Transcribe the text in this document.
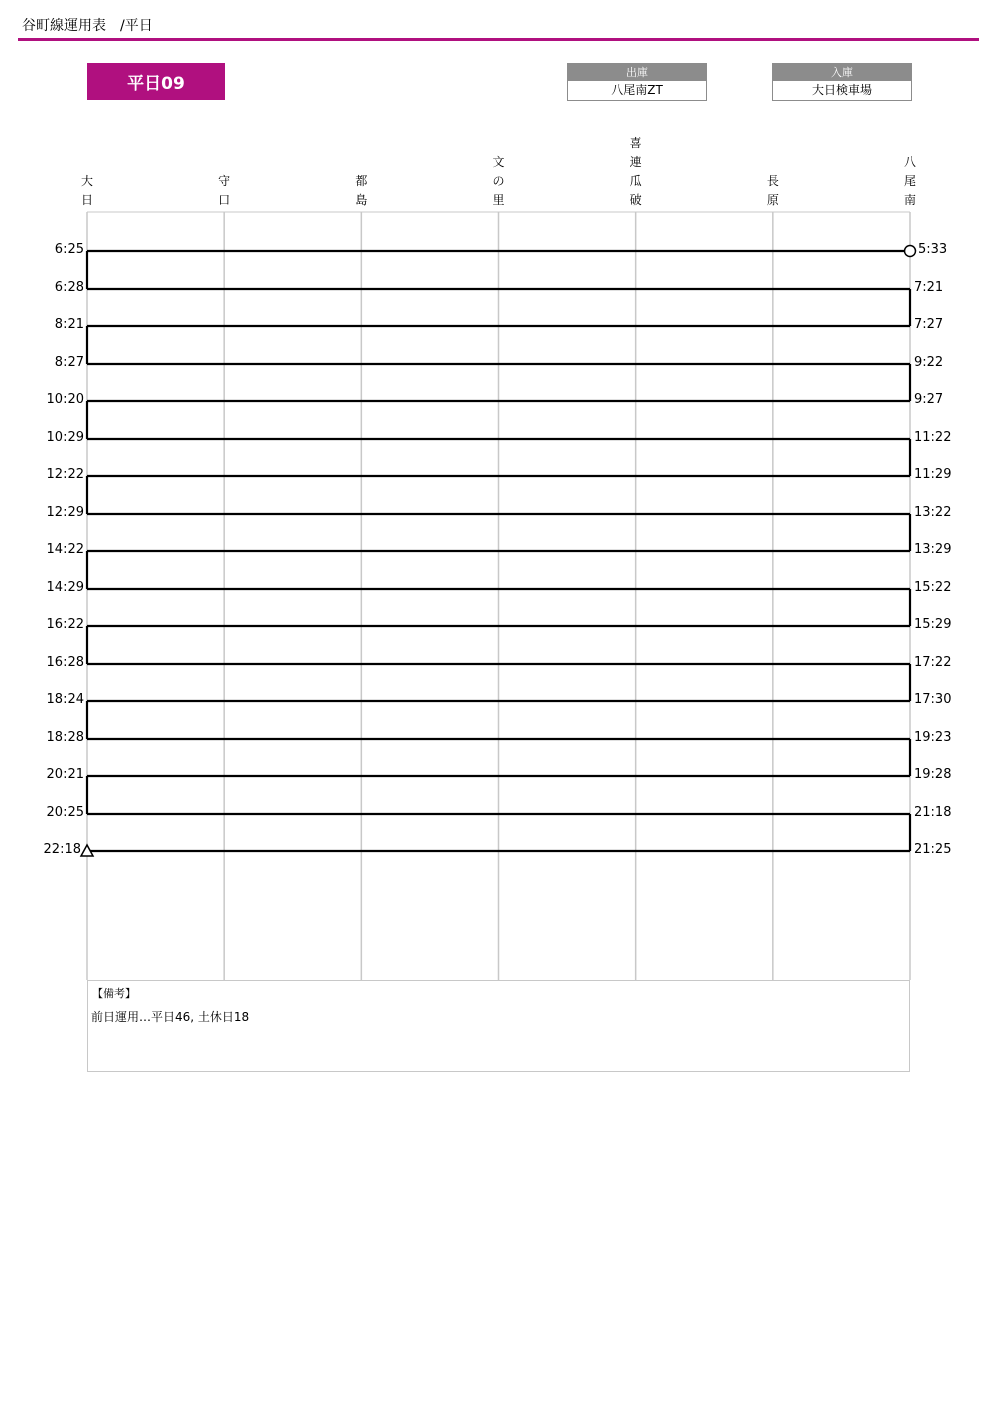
谷町線運用表　/平日
平日09
出庫
八尾南ZT
入庫
大日検車場
大
日
守
口
都
島
文
の
里
喜
連
瓜
破
長
原
八
尾
南
6:25	5:33
6:28	7:21
8:21	7:27
8:27	9:22
10:20	9:27
10:29	11:22
12:22	11:29
12:29	13:22
14:22	13:29
14:29	15:22
16:22	15:29
16:28	17:22
18:24	17:30
18:28	19:23
20:21	19:28
20:25	21:18
22:18	21:25
【備考】
前日運用…平日46, 土休日18
